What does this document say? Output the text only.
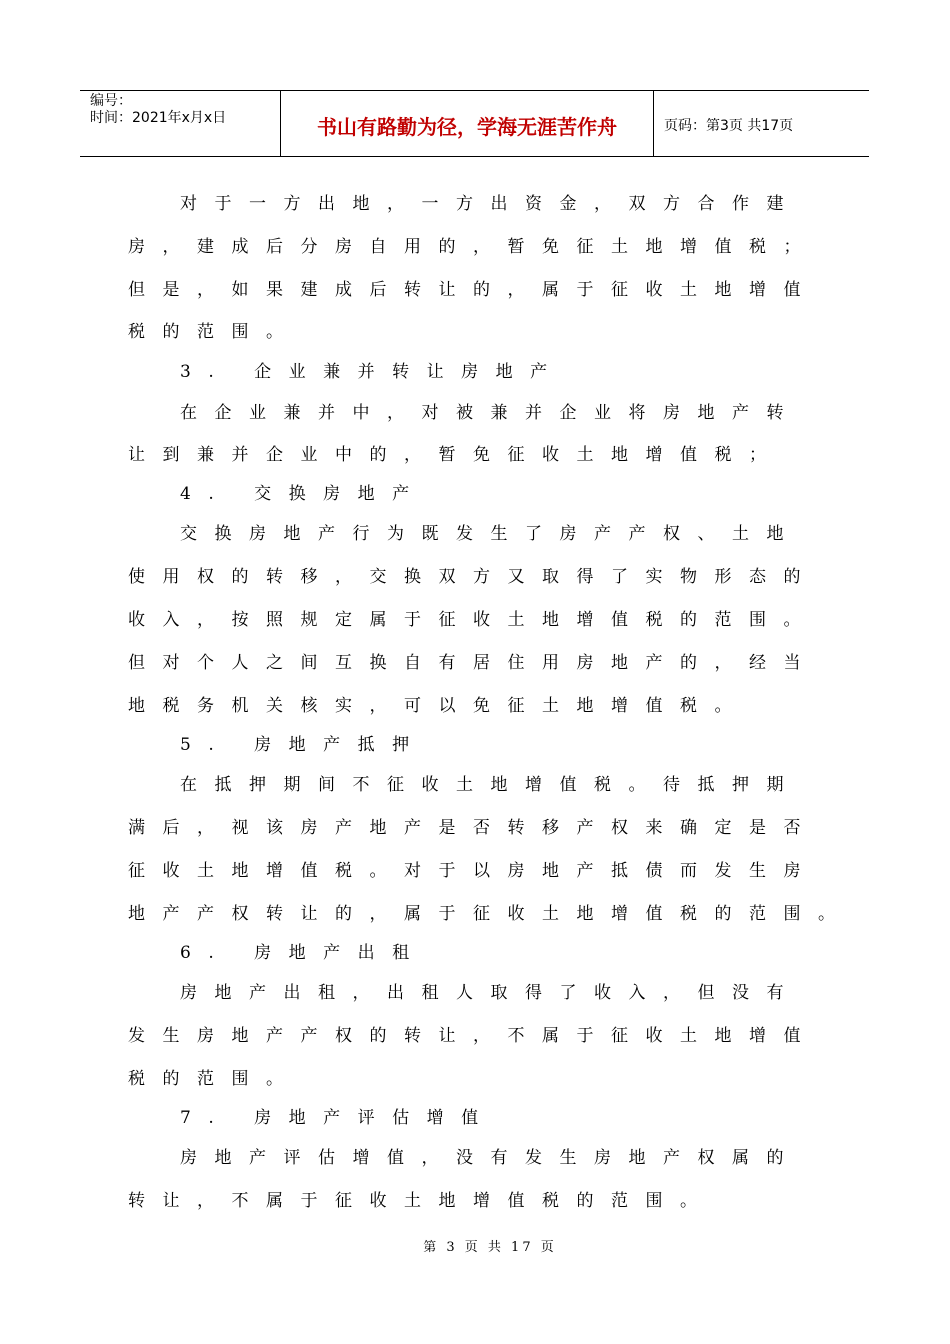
编号：
时间：2021年x月x日	书山有路勤为径，学海无涯苦作舟	页码：第3页 共17页
对于一方出地，一方出资金，双方合作建
房，建成后分房自用的，暂免征土地增值税；
但是，如果建成后转让的，属于征收土地增值
税的范围。
3. 企业兼并转让房地产
在企业兼并中，对被兼并企业将房地产转
让到兼并企业中的，暂免征收土地增值税；
4. 交换房地产
交换房地产行为既发生了房产产权、土地
使用权的转移，交换双方又取得了实物形态的
收入，按照规定属于征收土地增值税的范围。
但对个人之间互换自有居住用房地产的，经当
地税务机关核实，可以免征土地增值税。
5. 房地产抵押
在抵押期间不征收土地增值税。待抵押期
满后，视该房产地产是否转移产权来确定是否
征收土地增值税。对于以房地产抵债而发生房
地产产权转让的，属于征收土地增值税的范围。
6. 房地产出租
房地产出租，出租人取得了收入，但没有
发生房地产产权的转让，不属于征收土地增值
税的范围。
7. 房地产评估增值
房地产评估增值，没有发生房地产权属的
转让，不属于征收土地增值税的范围。
第 3 页 共 17 页
